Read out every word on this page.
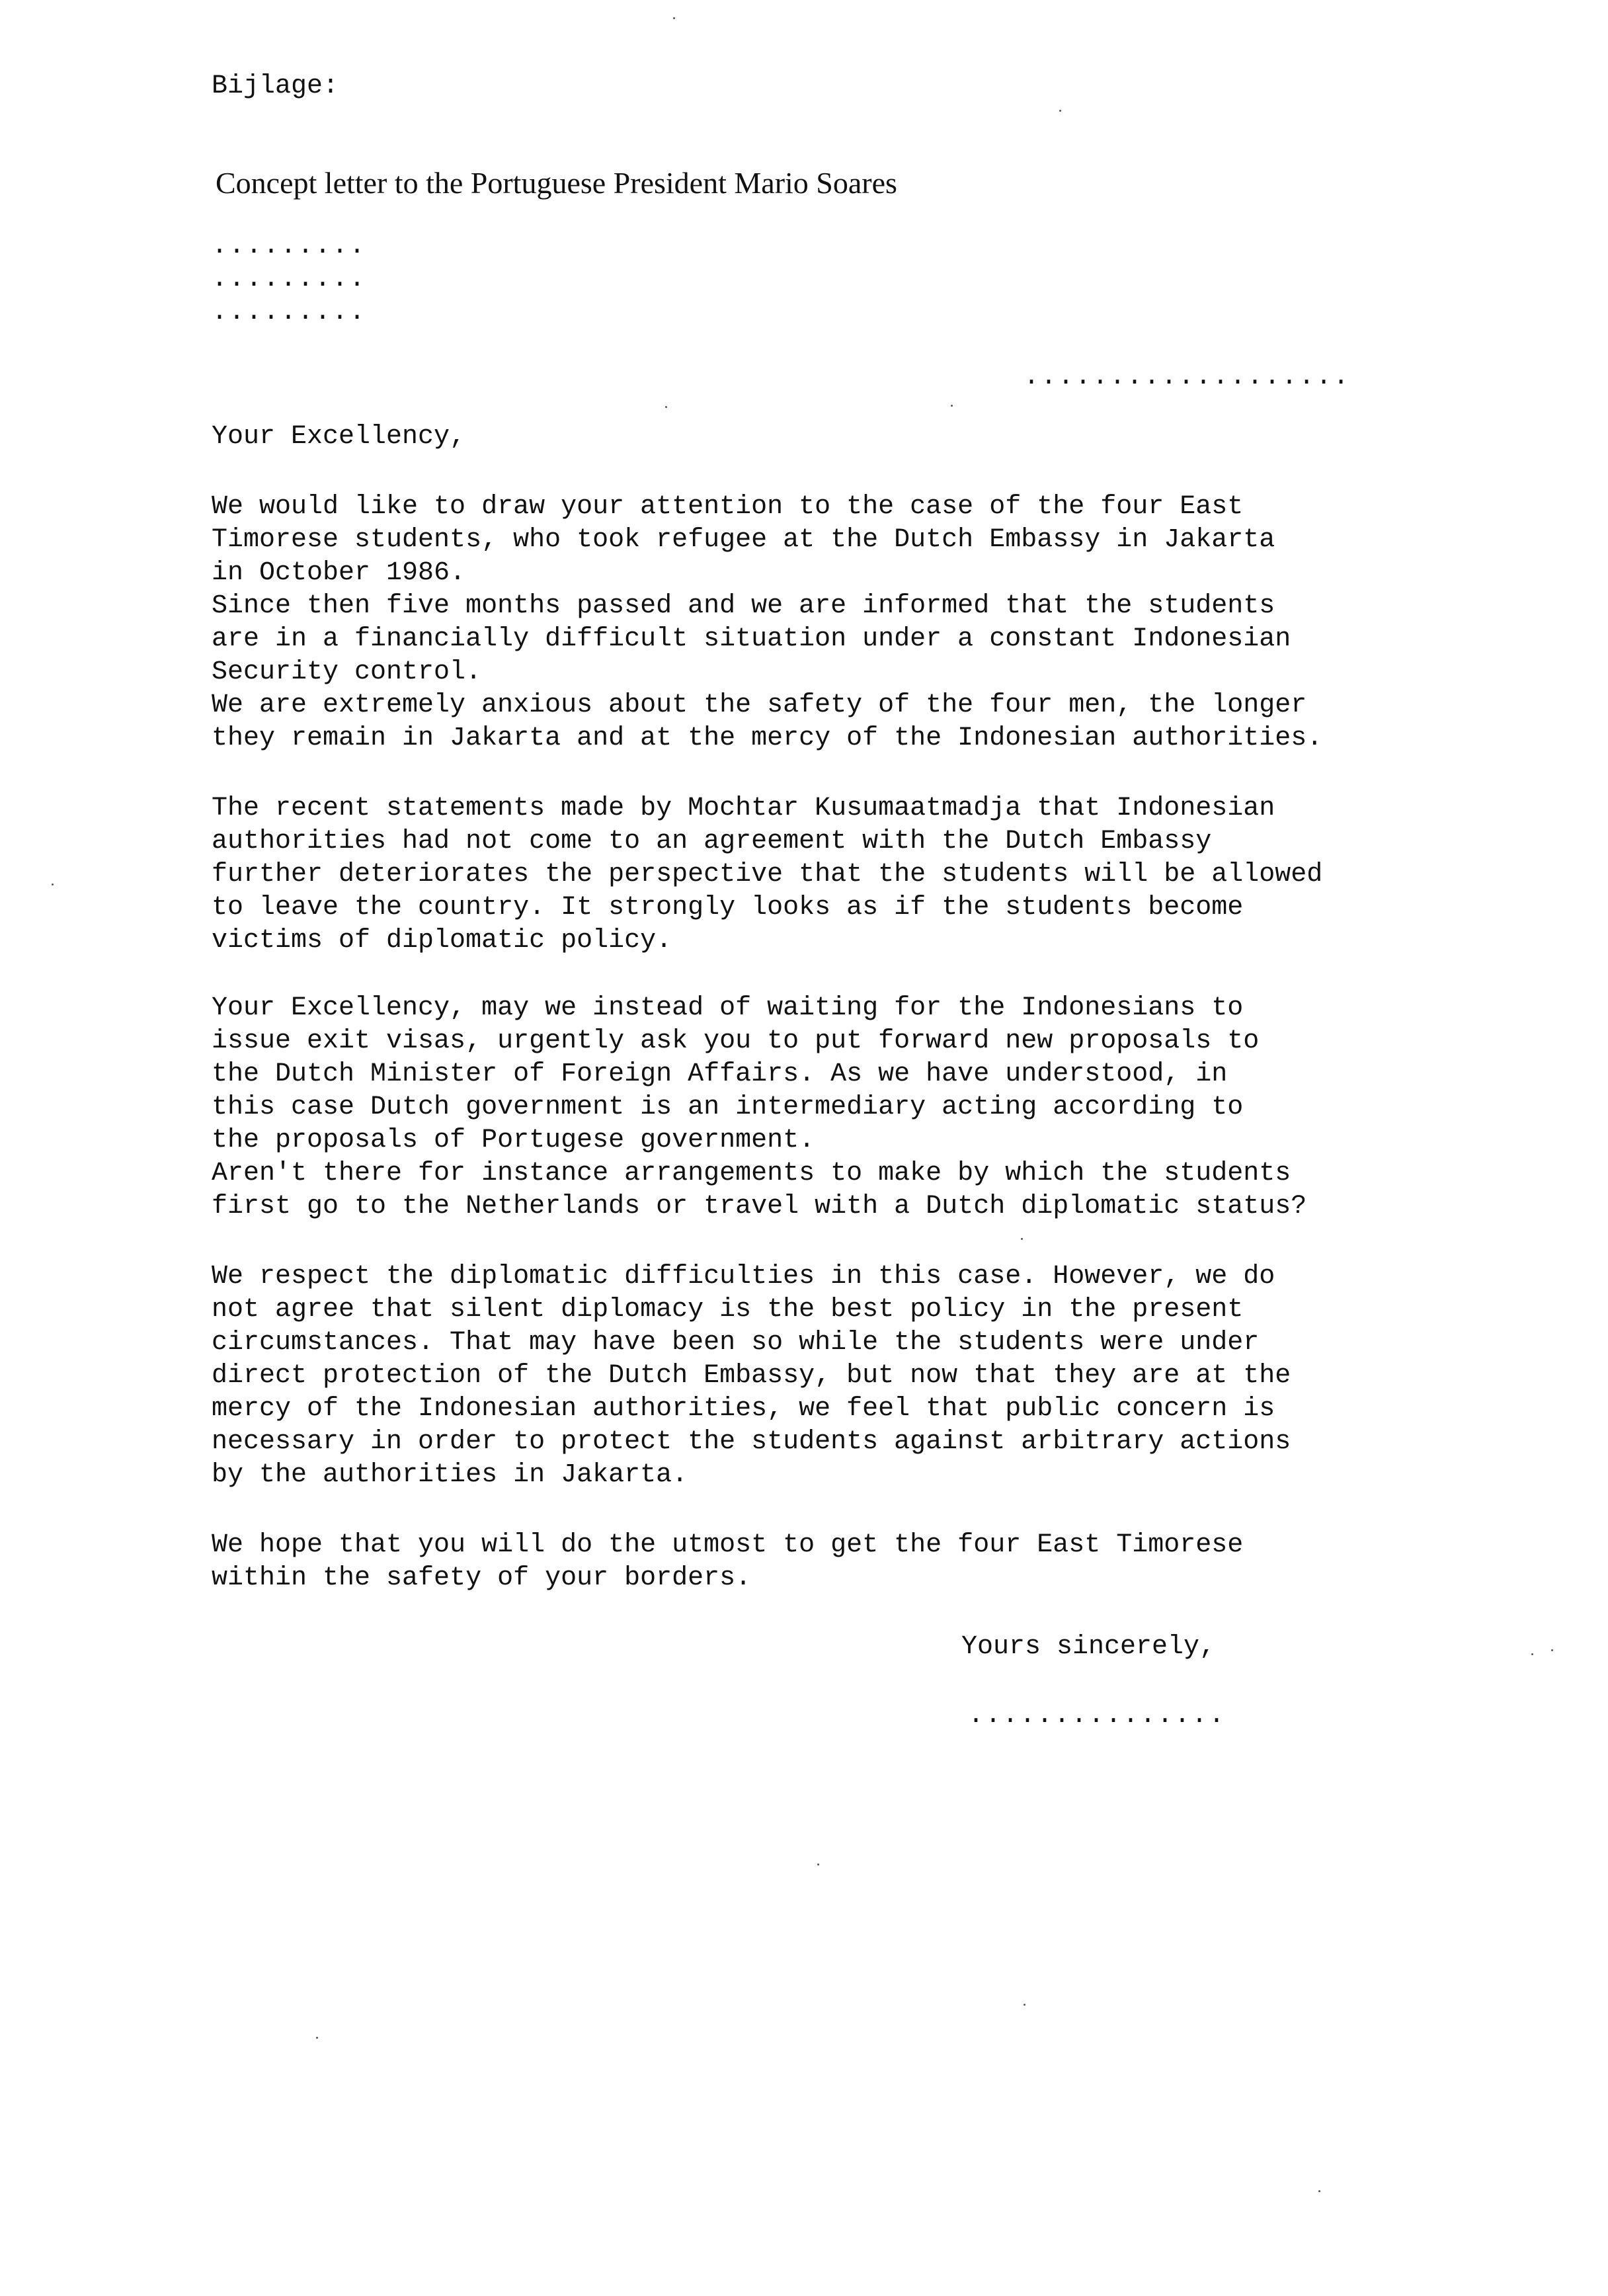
Bijlage:
Concept letter to the Portuguese President Mario Soares
.........
.........
.........
...................
Your Excellency,
We would like to draw your attention to the case of the four East
Timorese students, who took refugee at the Dutch Embassy in Jakarta
in October 1986.
Since then five months passed and we are informed that the students
are in a financially difficult situation under a constant Indonesian
Security control.
We are extremely anxious about the safety of the four men, the longer
they remain in Jakarta and at the mercy of the Indonesian authorities.
The recent statements made by Mochtar Kusumaatmadja that Indonesian
authorities had not come to an agreement with the Dutch Embassy
further deteriorates the perspective that the students will be allowed
to leave the country. It strongly looks as if the students become
victims of diplomatic policy.
Your Excellency, may we instead of waiting for the Indonesians to
issue exit visas, urgently ask you to put forward new proposals to
the Dutch Minister of Foreign Affairs. As we have understood, in
this case Dutch government is an intermediary acting according to
the proposals of Portugese government.
Aren't there for instance arrangements to make by which the students
first go to the Netherlands or travel with a Dutch diplomatic status?
We respect the diplomatic difficulties in this case. However, we do
not agree that silent diplomacy is the best policy in the present
circumstances. That may have been so while the students were under
direct protection of the Dutch Embassy, but now that they are at the
mercy of the Indonesian authorities, we feel that public concern is
necessary in order to protect the students against arbitrary actions
by the authorities in Jakarta.
We hope that you will do the utmost to get the four East Timorese
within the safety of your borders.
Yours sincerely,
...............
